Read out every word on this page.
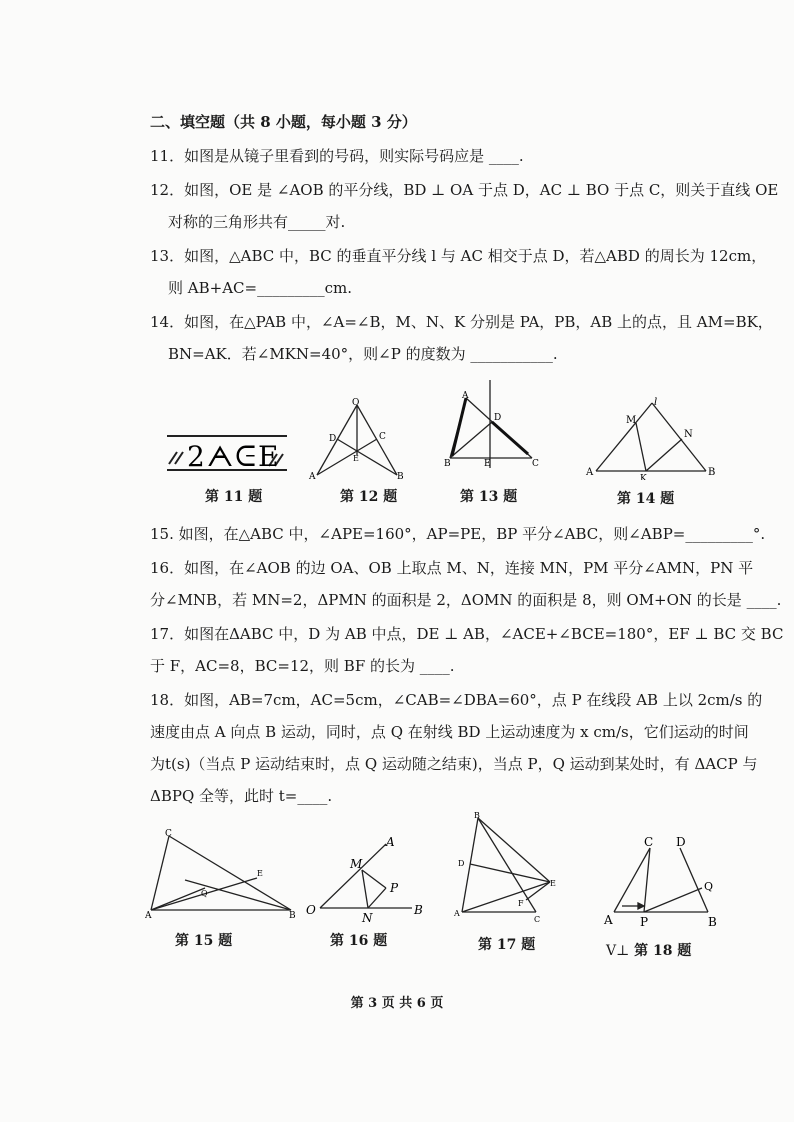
二、填空题（共 8 小题，每小题 3 分）
11．如图是从镜子里看到的号码，则实际号码应是 ____.
12．如图，OE 是 ∠AOB 的平分线，BD ⊥ OA 于点 D，AC ⊥ BO 于点 C，则关于直线 OE
对称的三角形共有_____对.
13．如图，△ABC 中，BC 的垂直平分线 l 与 AC 相交于点 D，若△ABD 的周长为 12cm，
则 AB+AC=_________cm.
14．如图，在△PAB 中，∠A=∠B，M、N、K 分别是 PA，PB，AB 上的点，且 AM=BK，
BN=AK．若∠MKN=40°，则∠P 的度数为 ___________.
2ᗅᕮE
O
D	C
E
A	B
A
D
B	E	C
l
M
N
A
K
B
第 11 题	第 12 题	第 13 题	第 14 题
15. 如图，在△ABC 中，∠APE=160°，AP=PE，BP 平分∠ABC，则∠ABP=_________°.
16．如图，在∠AOB 的边 OA、OB 上取点 M、N，连接 MN，PM 平分∠AMN，PN 平
分∠MNB，若 MN=2，ΔPMN 的面积是 2，ΔOMN 的面积是 8，则 OM+ON 的长是 ____.
17．如图在ΔABC 中，D 为 AB 中点，DE ⊥ AB，∠ACE+∠BCE=180°，EF ⊥ BC 交 BC
于 F，AC=8，BC=12，则 BF 的长为 ____.
18．如图，AB=7cm，AC=5cm，∠CAB=∠DBA=60°，点 P 在线段 AB 上以 2cm/s 的
速度由点 A 向点 B 运动，同时，点 Q 在射线 BD 上运动速度为 x cm/s，它们运动的时间
为t(s)（当点 P 运动结束时，点 Q 运动随之结束)，当点 P，Q 运动到某处时，有 ΔACP 与
ΔBPQ 全等，此时 t=____.
C
E
Q
A	B
A
M
P
O
N
B
B
D
E
F
A
C
C D
Q
A P	B
第 15 题	第 16 题	第 17 题	V⊥ 第 18 题
第 3 页 共 6 页
